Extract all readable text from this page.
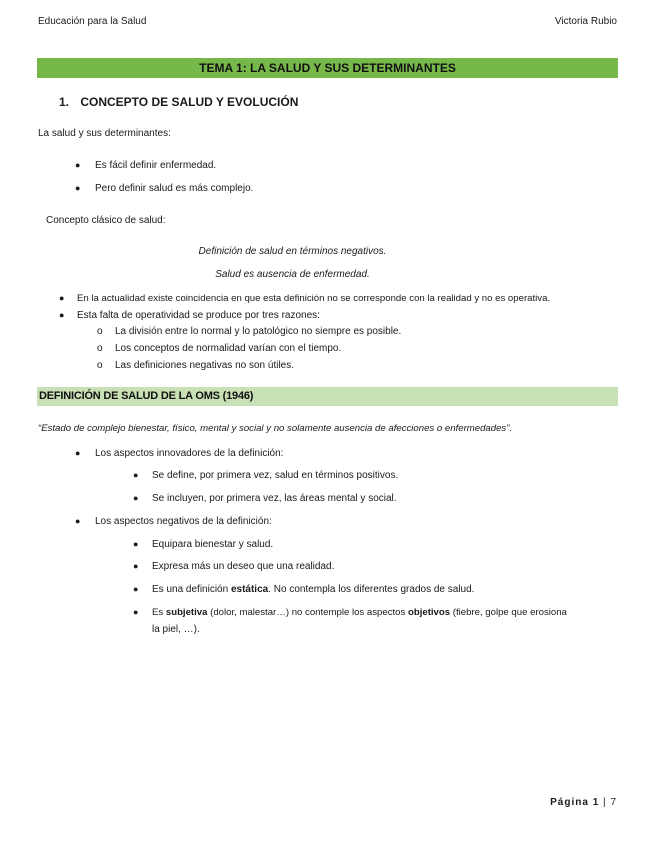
Educación para la Salud	Victoria Rubio
TEMA 1: LA SALUD Y SUS DETERMINANTES
1. CONCEPTO DE SALUD Y EVOLUCIÓN
La salud y sus determinantes:
● Es fácil definir enfermedad.
● Pero definir salud es más complejo.
Concepto clásico de salud:
Definición de salud en términos negativos.
Salud es ausencia de enfermedad.
● En la actualidad existe coincidencia en que esta definición no se corresponde con la realidad y no es operativa.
● Esta falta de operatividad se produce por tres razones:
o La división entre lo normal y lo patológico no siempre es posible.
o Los conceptos de normalidad varían con el tiempo.
o Las definiciones negativas no son útiles.
DEFINICIÓN DE SALUD DE LA OMS (1946)
“Estado de complejo bienestar, físico, mental y social y no solamente ausencia de afecciones o enfermedades”.
● Los aspectos innovadores de la definición:
● Se define, por primera vez, salud en términos positivos.
● Se incluyen, por primera vez, las áreas mental y social.
● Los aspectos negativos de la definición:
● Equipara bienestar y salud.
● Expresa más un deseo que una realidad.
● Es una definición estática. No contempla los diferentes grados de salud.
● Es subjetiva (dolor, malestar…) no contemple los aspectos objetivos (fiebre, golpe que erosiona
la piel, …).
Página 1 | 7
